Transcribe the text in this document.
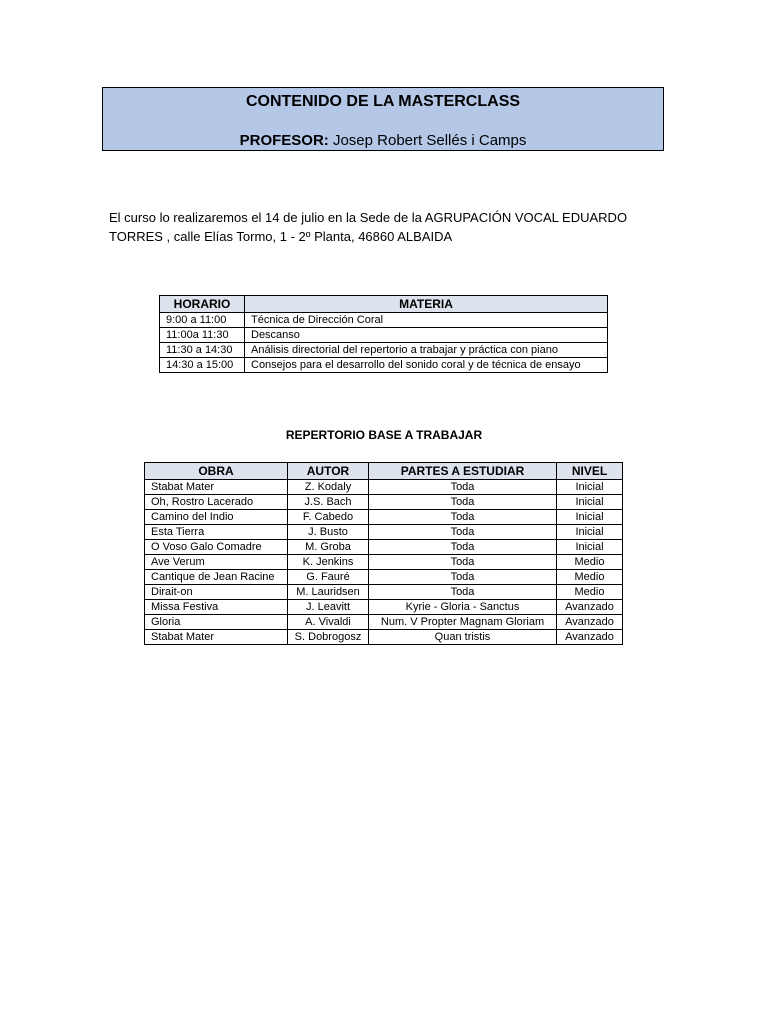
CONTENIDO DE LA MASTERCLASS
PROFESOR: Josep Robert Sellés i Camps
El curso lo realizaremos el 14 de julio en la Sede de la AGRUPACIÓN VOCAL EDUARDO TORRES , calle Elías Tormo, 1 - 2º Planta, 46860 ALBAIDA
HORARIO	MATERIA
9:00 a 11:00	Técnica de Dirección Coral
11:00a 11:30	Descanso
11:30 a 14:30	Análisis directorial del repertorio a trabajar y práctica con piano
14:30 a 15:00	Consejos para el desarrollo del sonido coral y de técnica de ensayo
REPERTORIO BASE A TRABAJAR
OBRA	AUTOR	PARTES A ESTUDIAR	NIVEL
Stabat Mater	Z. Kodaly	Toda	Inicial
Oh, Rostro Lacerado	J.S. Bach	Toda	Inicial
Camino del Indio	F. Cabedo	Toda	Inicial
Esta Tierra	J. Busto	Toda	Inicial
O Voso Galo Comadre	M. Groba	Toda	Inicial
Ave Verum	K. Jenkins	Toda	Medio
Cantique de Jean Racine	G. Fauré	Toda	Medio
Dirait-on	M. Lauridsen	Toda	Medio
Missa Festiva	J. Leavitt	Kyrie - Gloria - Sanctus	Avanzado
Gloria	A. Vivaldi	Num. V Propter Magnam Gloriam	Avanzado
Stabat Mater	S. Dobrogosz	Quan tristis	Avanzado
